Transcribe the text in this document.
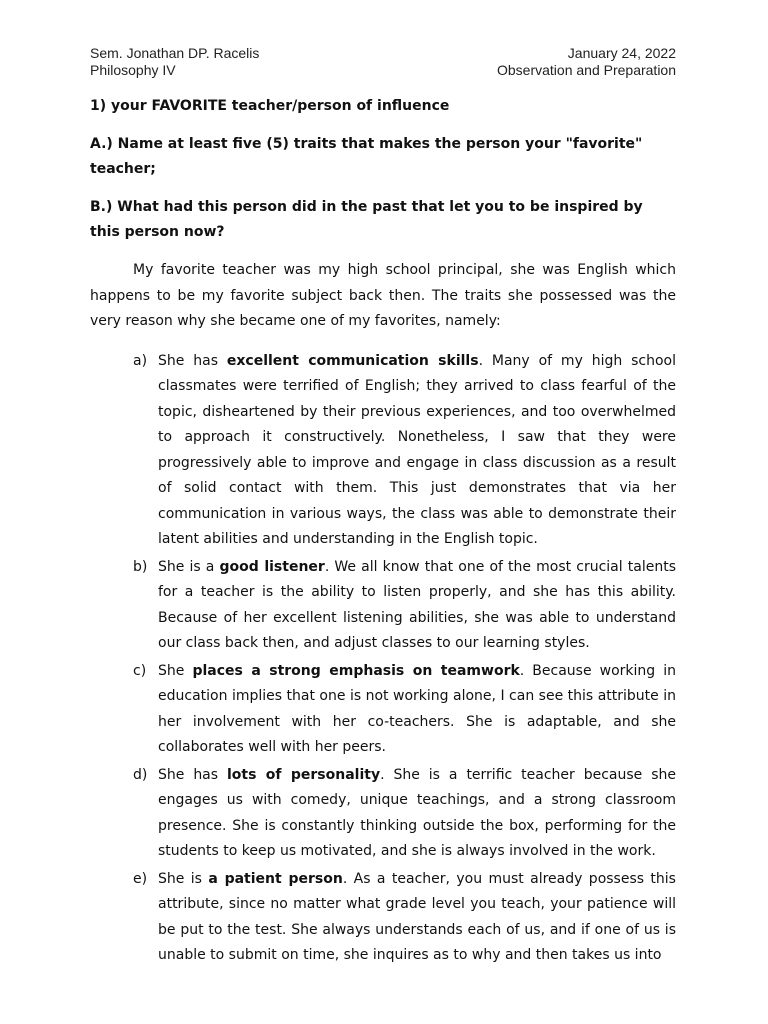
Sem. Jonathan DP. Racelis
Philosophy IV
January 24, 2022
Observation and Preparation

1) your FAVORITE teacher/person of influence

A.) Name at least five (5) traits that makes the person your "favorite" teacher;

B.) What had this person did in the past that let you to be inspired by this person now?

My favorite teacher was my high school principal, she was English which happens to be my favorite subject back then. The traits she possessed was the very reason why she became one of my favorites, namely:

a) She has excellent communication skills. Many of my high school classmates were terrified of English; they arrived to class fearful of the topic, disheartened by their previous experiences, and too overwhelmed to approach it constructively. Nonetheless, I saw that they were progressively able to improve and engage in class discussion as a result of solid contact with them. This just demonstrates that via her communication in various ways, the class was able to demonstrate their latent abilities and understanding in the English topic.
b) She is a good listener. We all know that one of the most crucial talents for a teacher is the ability to listen properly, and she has this ability. Because of her excellent listening abilities, she was able to understand our class back then, and adjust classes to our learning styles.
c) She places a strong emphasis on teamwork. Because working in education implies that one is not working alone, I can see this attribute in her involvement with her co-teachers. She is adaptable, and she collaborates well with her peers.
d) She has lots of personality. She is a terrific teacher because she engages us with comedy, unique teachings, and a strong classroom presence. She is constantly thinking outside the box, performing for the students to keep us motivated, and she is always involved in the work.
e) She is a patient person. As a teacher, you must already possess this attribute, since no matter what grade level you teach, your patience will be put to the test. She always understands each of us, and if one of us is unable to submit on time, she inquires as to why and then takes us into
